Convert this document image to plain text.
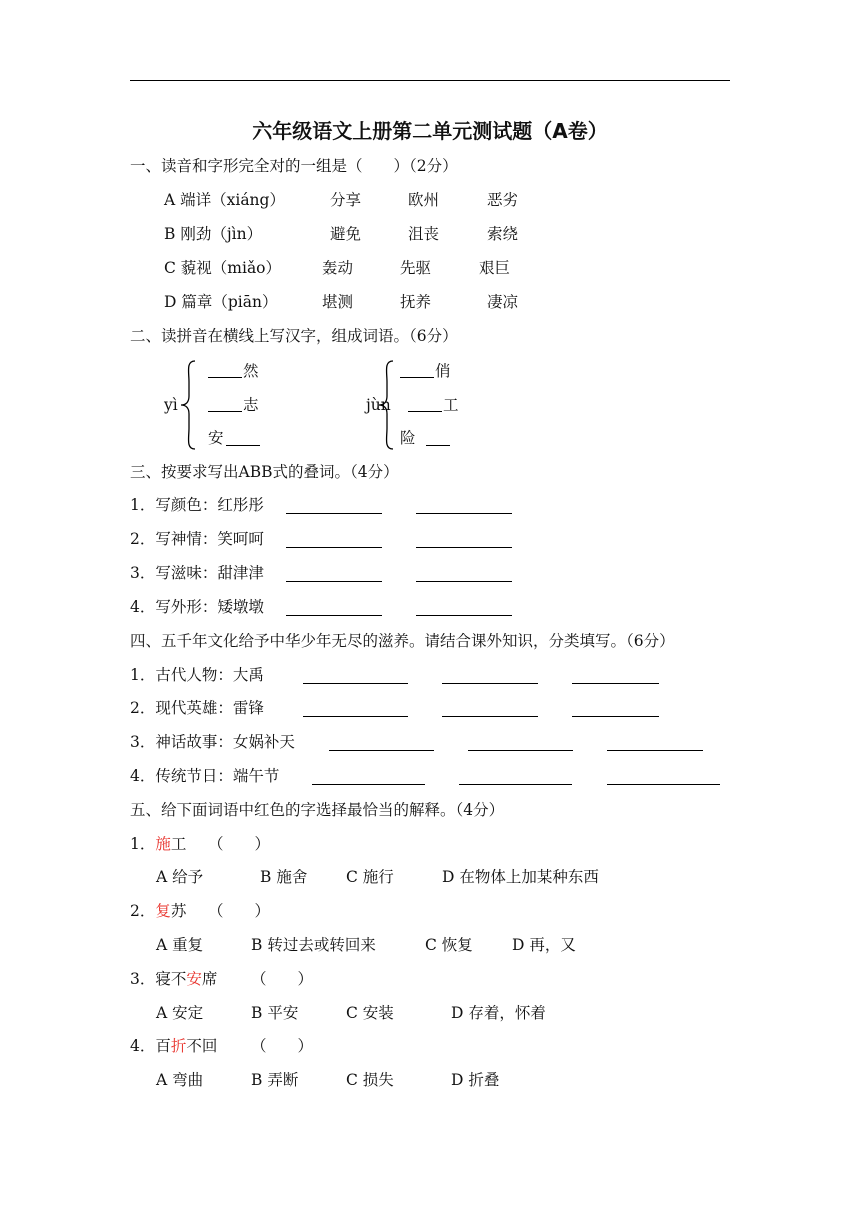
六年级语文上册第二单元测试题（A卷）
一、读音和字形完全对的一组是（　　）（2分）
A 端详（xiáng）	分享	欧州	恶劣
B 刚劲（jìn）	避免	沮丧	索绕
C 藐视（miǎo）	轰动	先驱	艰巨
D 篇章（piān）	堪测	抚养	凄凉
二、读拼音在横线上写汉字，组成词语。（6分）
yì
然
志
安
jùn
俏
工
险
三、按要求写出ABB式的叠词。（4分）
1．写颜色：红彤彤
2．写神情：笑呵呵
3．写滋味：甜津津
4．写外形：矮墩墩
四、五千年文化给予中华少年无尽的滋养。请结合课外知识，分类填写。（6分）
1．古代人物：大禹
2．现代英雄：雷锋
3．神话故事：女娲补天
4．传统节日：端午节
五、给下面词语中红色的字选择最恰当的解释。（4分）
1．施工 （　　）
A 给予	B 施舍 C 施行	D 在物体上加某种东西
2．复苏 （　　）
A 重复	B 转过去或转回来	C 恢复	D 再，又
3．寝不安席 （　　）
A 安定	B 平安	C 安装	D 存着，怀着
4．百折不回 （　　）
A 弯曲	B 弄断	C 损失	D 折叠
